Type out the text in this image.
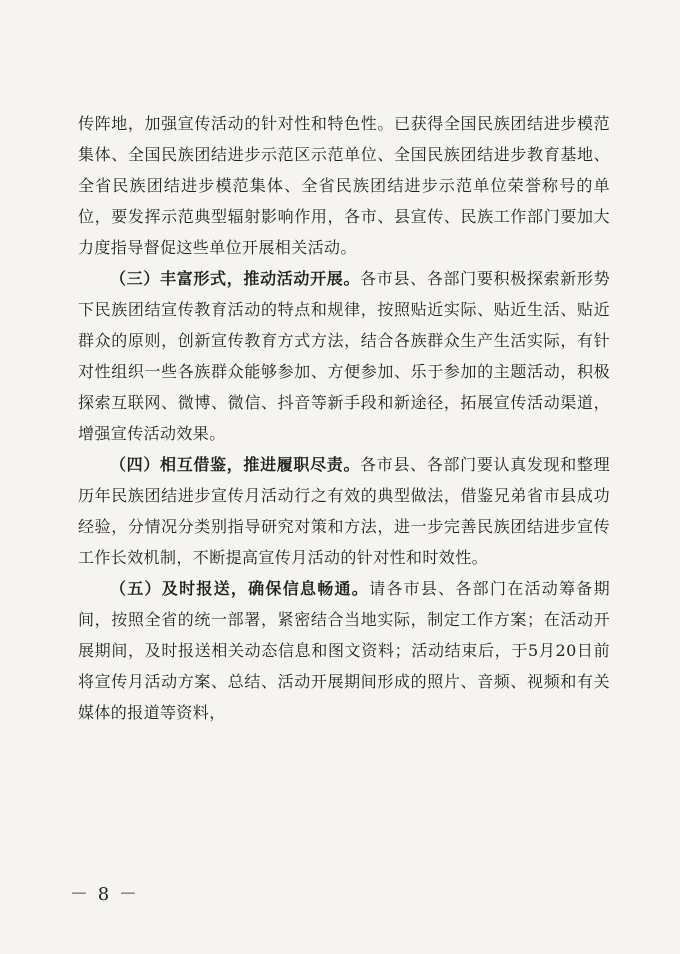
传阵地，加强宣传活动的针对性和特色性。已获得全国民族团结进步模范集体、全国民族团结进步示范区示范单位、全国民族团结进步教育基地、全省民族团结进步模范集体、全省民族团结进步示范单位荣誉称号的单位，要发挥示范典型辐射影响作用，各市、县宣传、民族工作部门要加大力度指导督促这些单位开展相关活动。

（三）丰富形式，推动活动开展。各市县、各部门要积极探索新形势下民族团结宣传教育活动的特点和规律，按照贴近实际、贴近生活、贴近群众的原则，创新宣传教育方式方法，结合各族群众生产生活实际，有针对性组织一些各族群众能够参加、方便参加、乐于参加的主题活动，积极探索互联网、微博、微信、抖音等新手段和新途径，拓展宣传活动渠道，增强宣传活动效果。

（四）相互借鉴，推进履职尽责。各市县、各部门要认真发现和整理历年民族团结进步宣传月活动行之有效的典型做法，借鉴兄弟省市县成功经验，分情况分类别指导研究对策和方法，进一步完善民族团结进步宣传工作长效机制，不断提高宣传月活动的针对性和时效性。

（五）及时报送，确保信息畅通。请各市县、各部门在活动筹备期间，按照全省的统一部署，紧密结合当地实际，制定工作方案；在活动开展期间，及时报送相关动态信息和图文资料；活动结束后，于5月20日前将宣传月活动方案、总结、活动开展期间形成的照片、音频、视频和有关媒体的报道等资料，

－ 8 －
